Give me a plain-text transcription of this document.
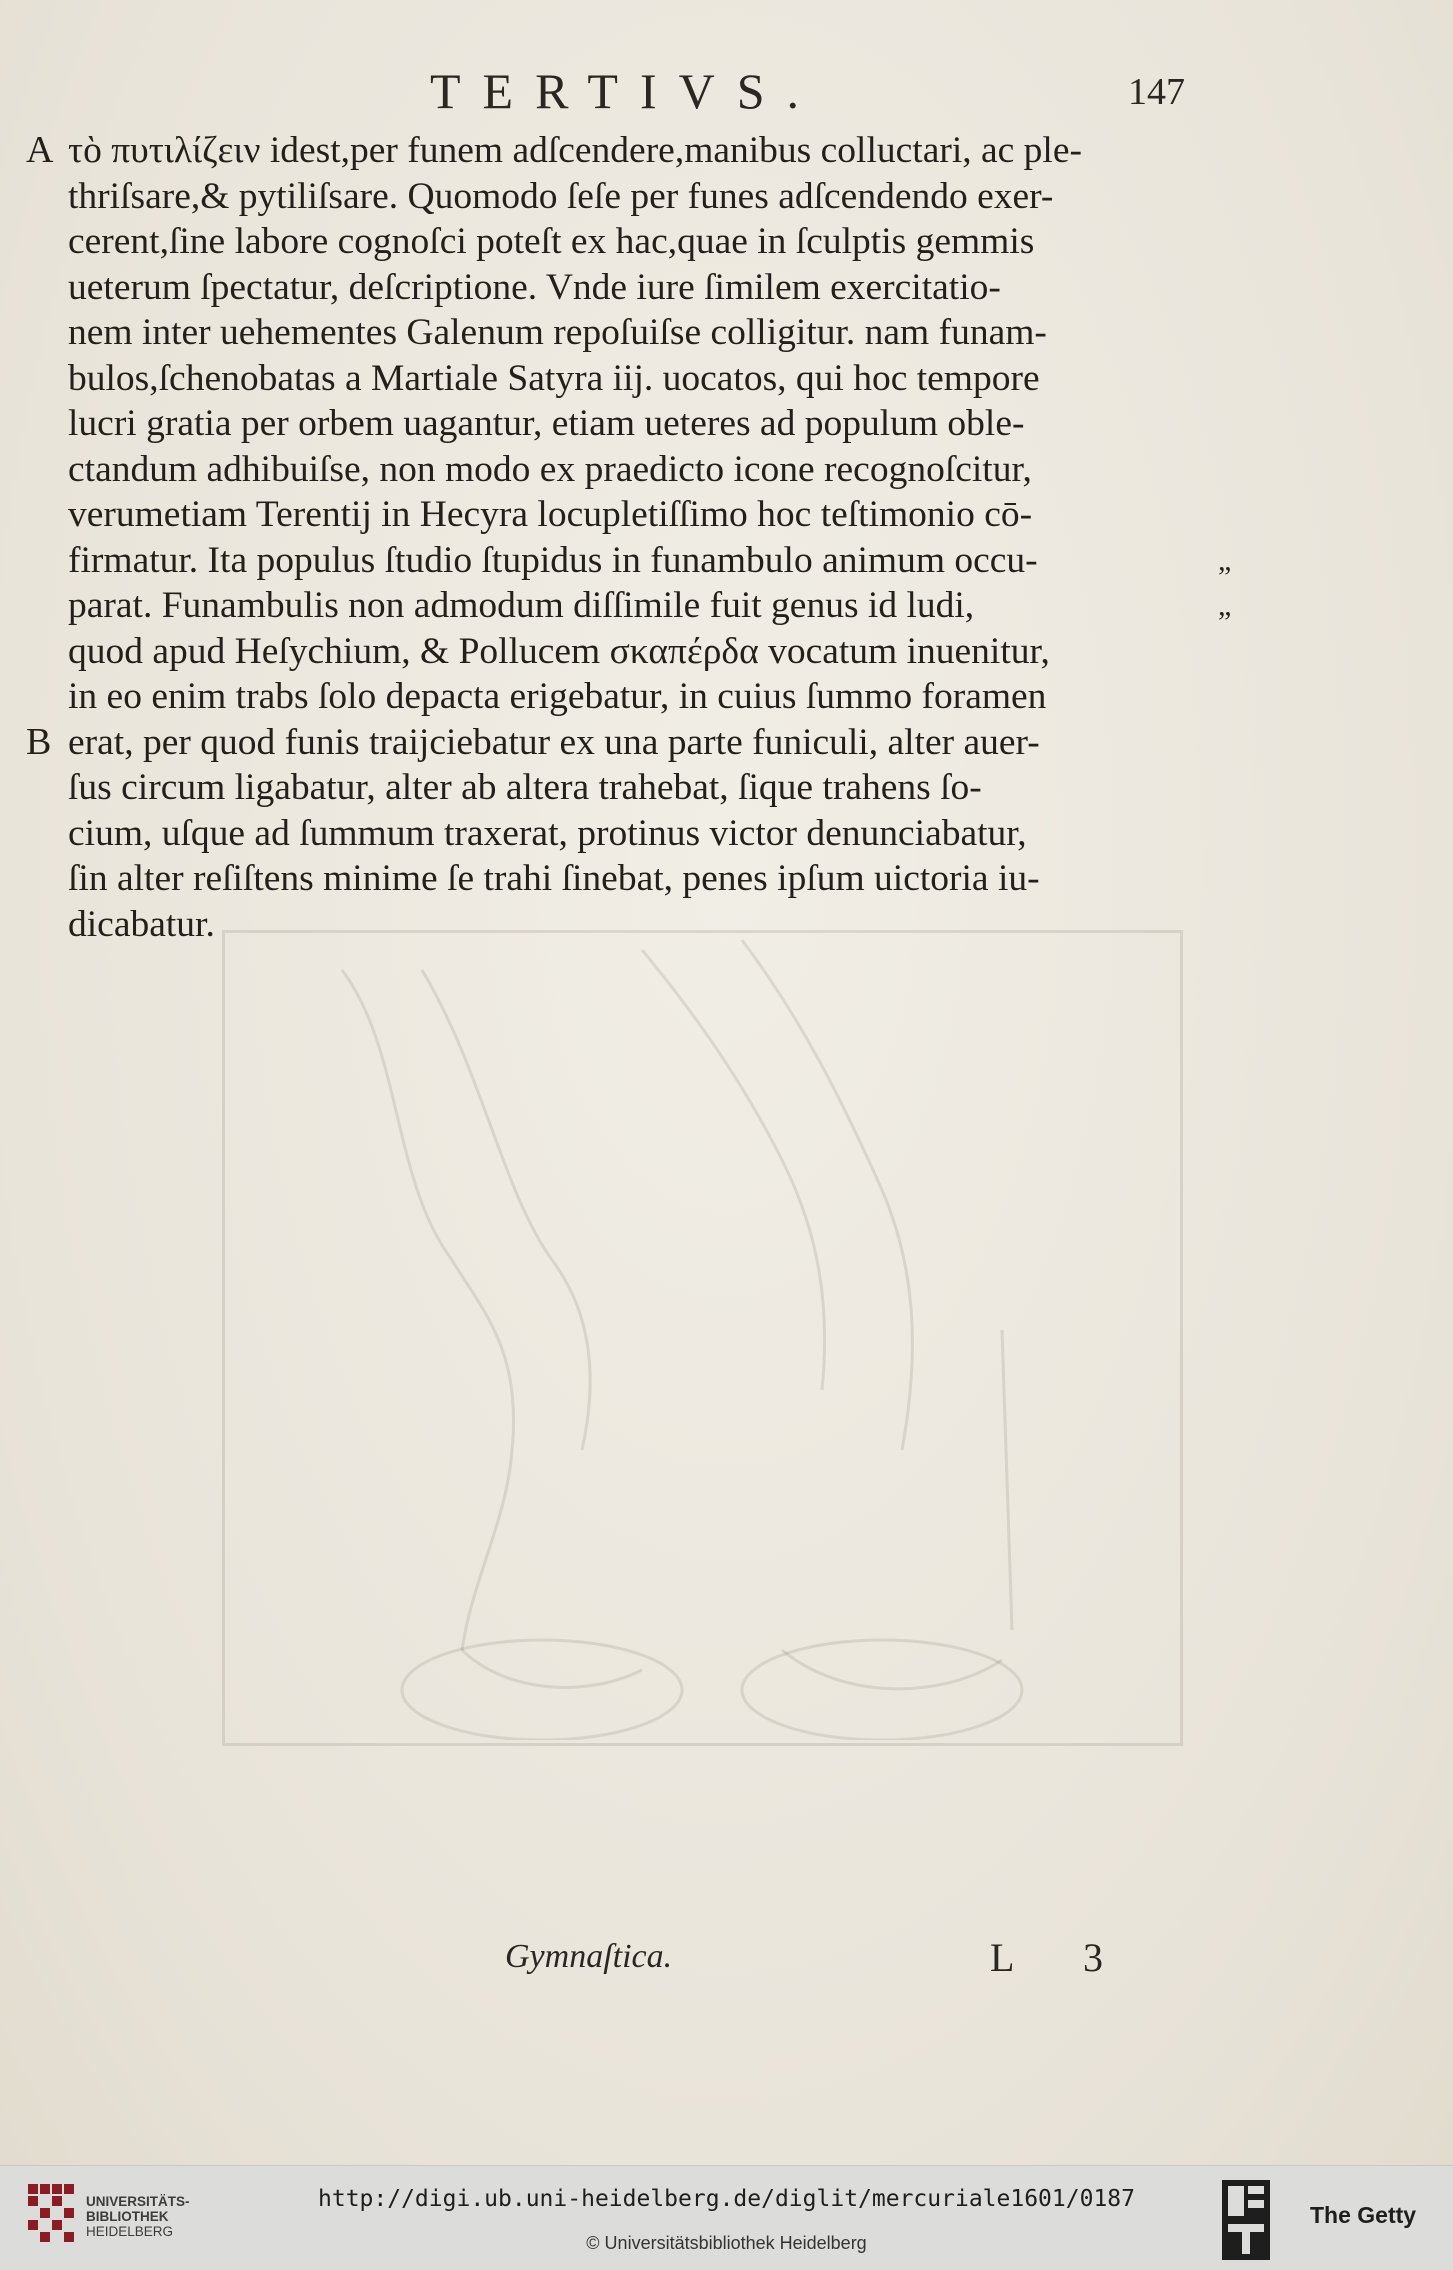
TERTIVS.	147
A τὸ πυτιλίζειν idest,per funem adſcendere,manibus colluctari, ac ple-
thriſsare,& pytiliſsare. Quomodo ſeſe per funes adſcendendo exer-
cerent,ſine labore cognoſci poteſt ex hac,quae in ſculptis gemmis
ueterum ſpectatur, deſcriptione. Vnde iure ſimilem exercitatio-
nem inter uehementes Galenum repoſuiſse colligitur. nam funam-
bulos,ſchenobatas a Martiale Satyra iij. uocatos, qui hoc tempore
lucri gratia per orbem uagantur, etiam ueteres ad populum oble-
ctandum adhibuiſse, non modo ex praedicto icone recognoſcitur,
verumetiam Terentij in Hecyra locupletiſſimo hoc teſtimonio cō-
firmatur. Ita populus ſtudio ſtupidus in funambulo animum occu-	„
parat. Funambulis non admodum diſſimile fuit genus id ludi,	„
quod apud Heſychium, & Pollucem σκαπέρδα vocatum inuenitur,
in eo enim trabs ſolo depacta erigebatur, in cuius ſummo foramen
B erat, per quod funis traijciebatur ex una parte funiculi, alter auer-
ſus circum ligabatur, alter ab altera trahebat, ſique trahens ſo-
cium, uſque ad ſummum traxerat, protinus victor denunciabatur,
ſin alter reſiſtens minime ſe trahi ſinebat, penes ipſum uictoria iu-
dicabatur.
Gymnaſtica.	L 3
UNIVERSITÄTS-
BIBLIOTHEK
HEIDELBERG
http://digi.ub.uni-heidelberg.de/diglit/mercuriale1601/0187
© Universitätsbibliothek Heidelberg
The Getty
